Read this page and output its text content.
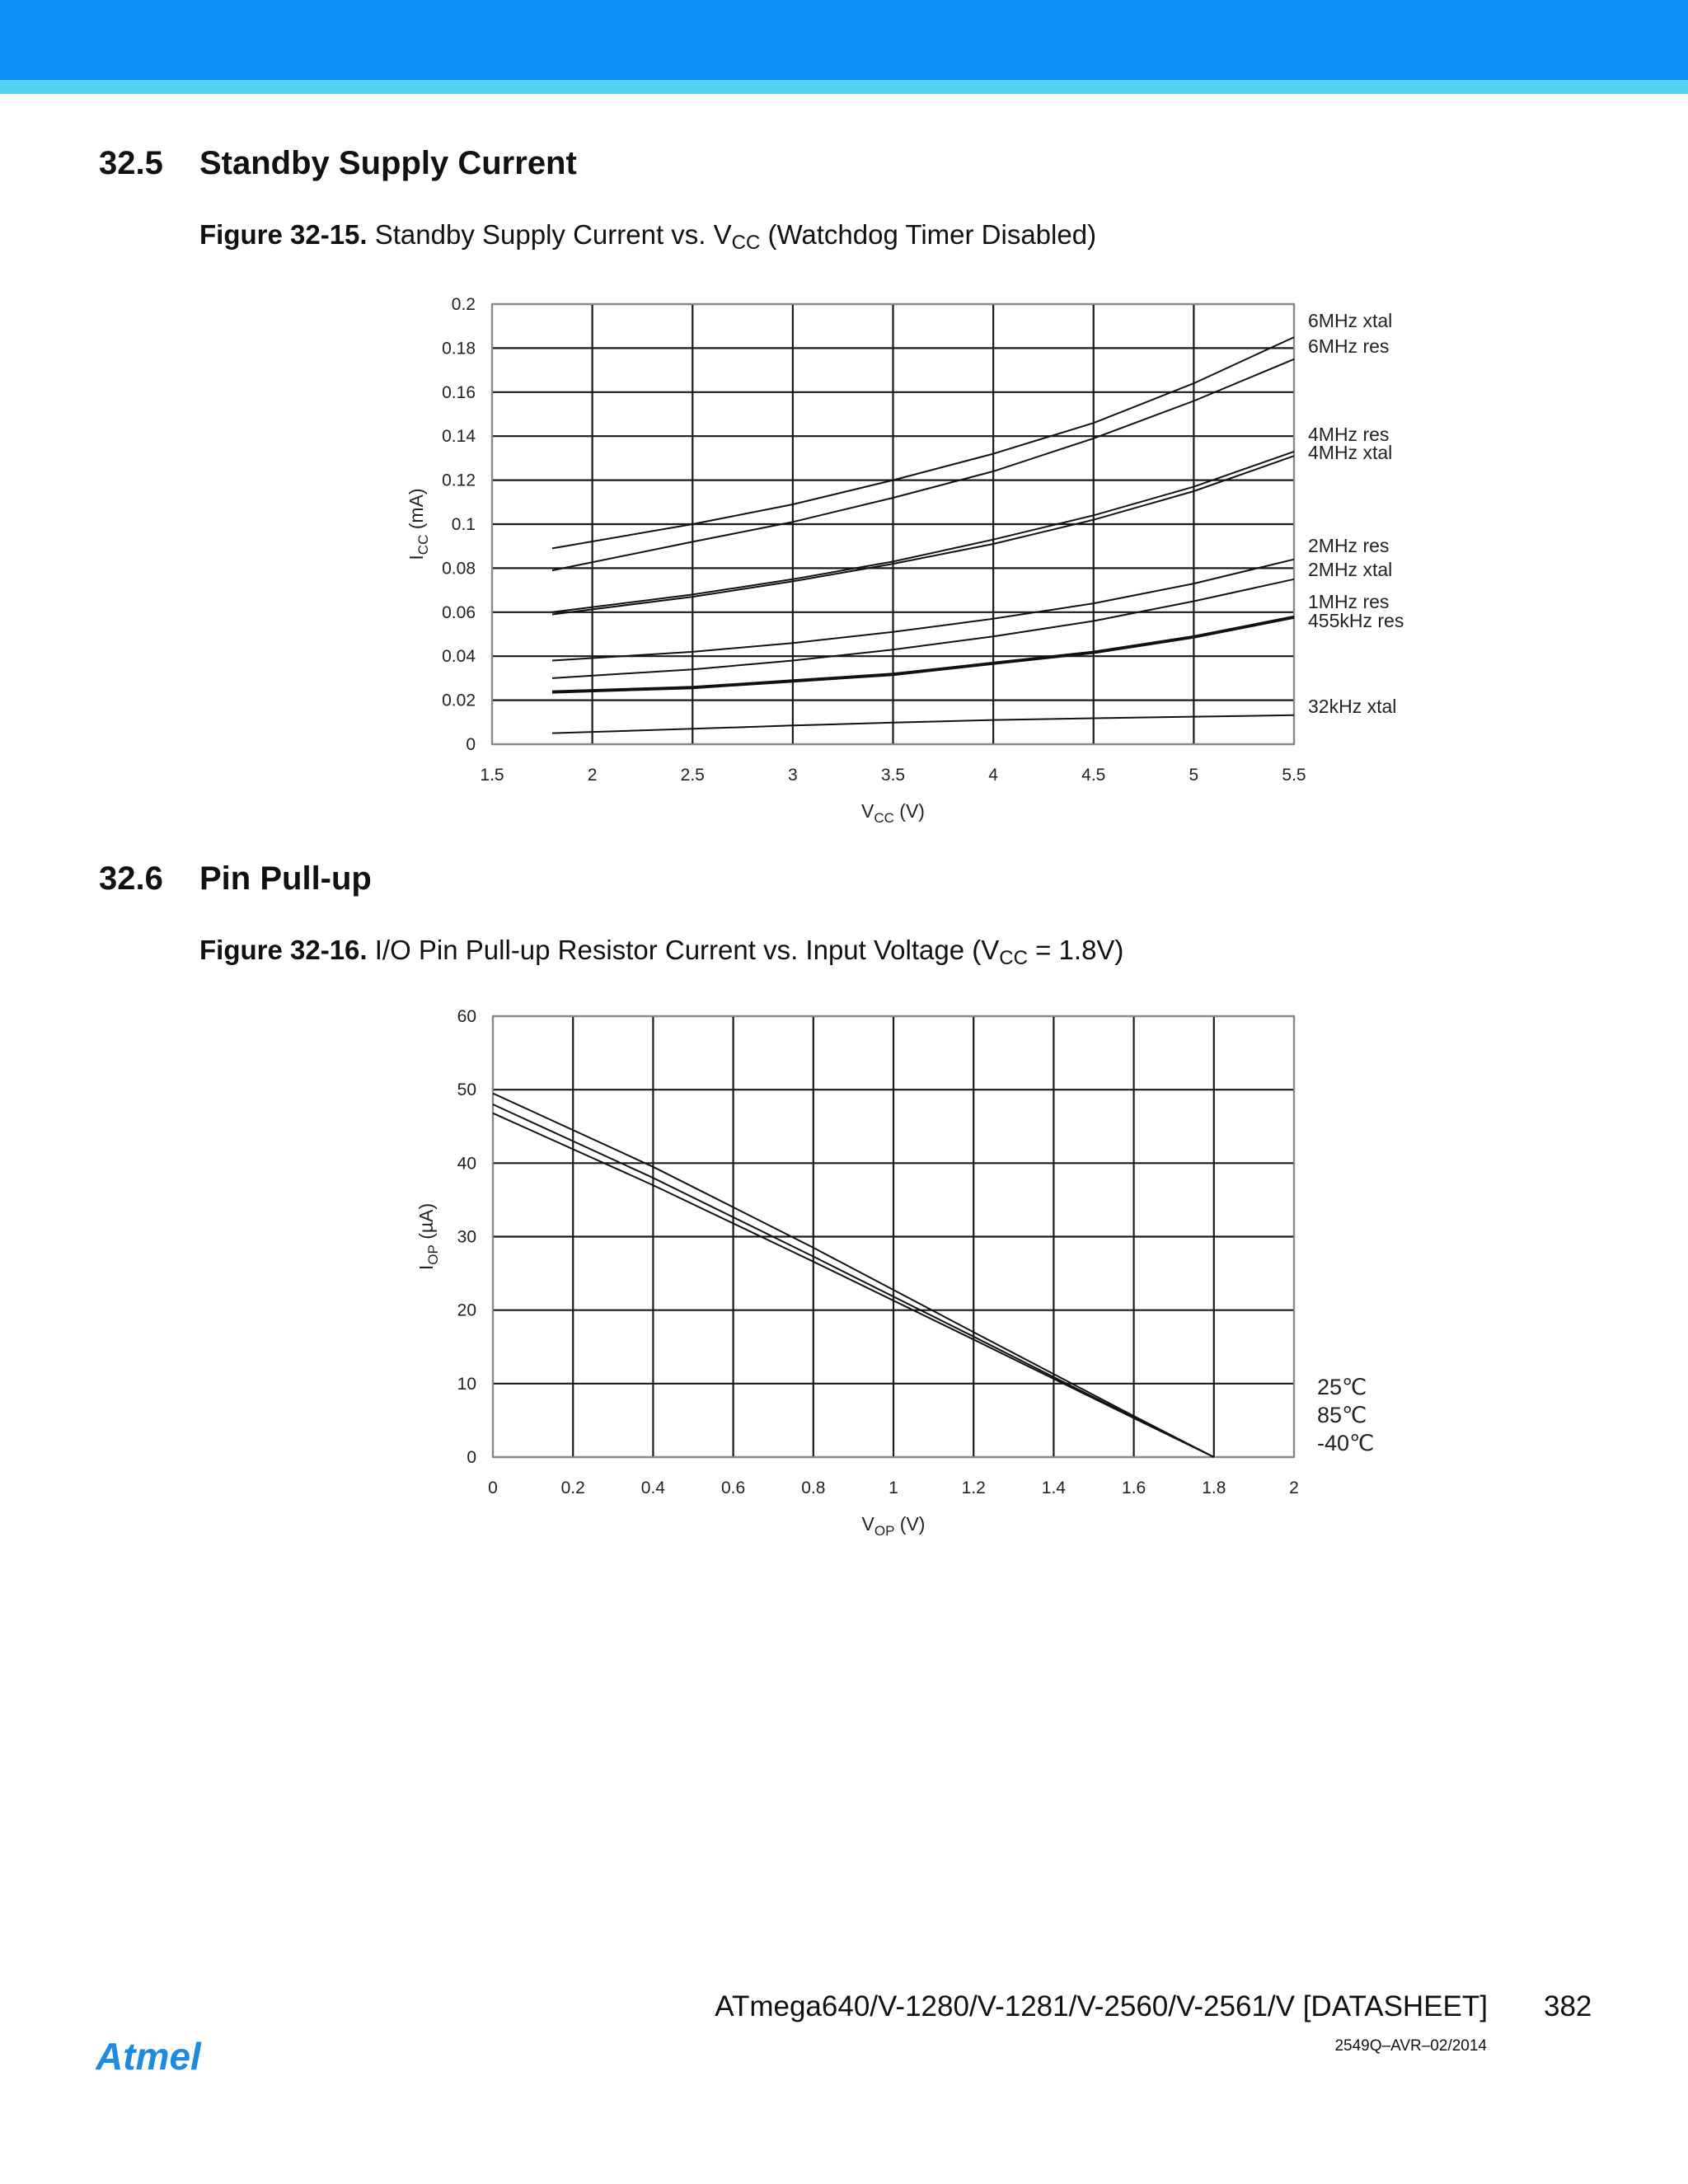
32.5 Standby Supply Current
Figure 32-15. Standby Supply Current vs. $V_{CC}$ (Watchdog Timer Disabled)
1.5	2	2.5	3	3.5	4	4.5	5	5.5
0
0.02
0.04
0.06
0.08
0.1
0.12
0.14
0.16
0.18
0.2
$V_{CC}$ (V)
$I_{CC}$ (mA)
6MHz xtal
6MHz res
4MHz res
4MHz xtal
2MHz res
2MHz xtal
1MHz res
455kHz res
32kHz xtal
32.6 Pin Pull-up
Figure 32-16. I/O Pin Pull-up Resistor Current vs. Input Voltage $(V_{CC} = 1.8V)$
0	0.2	0.4	0.6	0.8	1	1.2	1.4	1.6	1.8	2
0
10
20
30
40
50
60
$V_{OP}$ (V)
$I_{OP}$ (µA)
25℃
85℃
-40℃
Atmel
ATmega640/V-1280/V-1281/V-2560/V-2561/V [DATASHEET] 382
2549Q–AVR–02/2014
